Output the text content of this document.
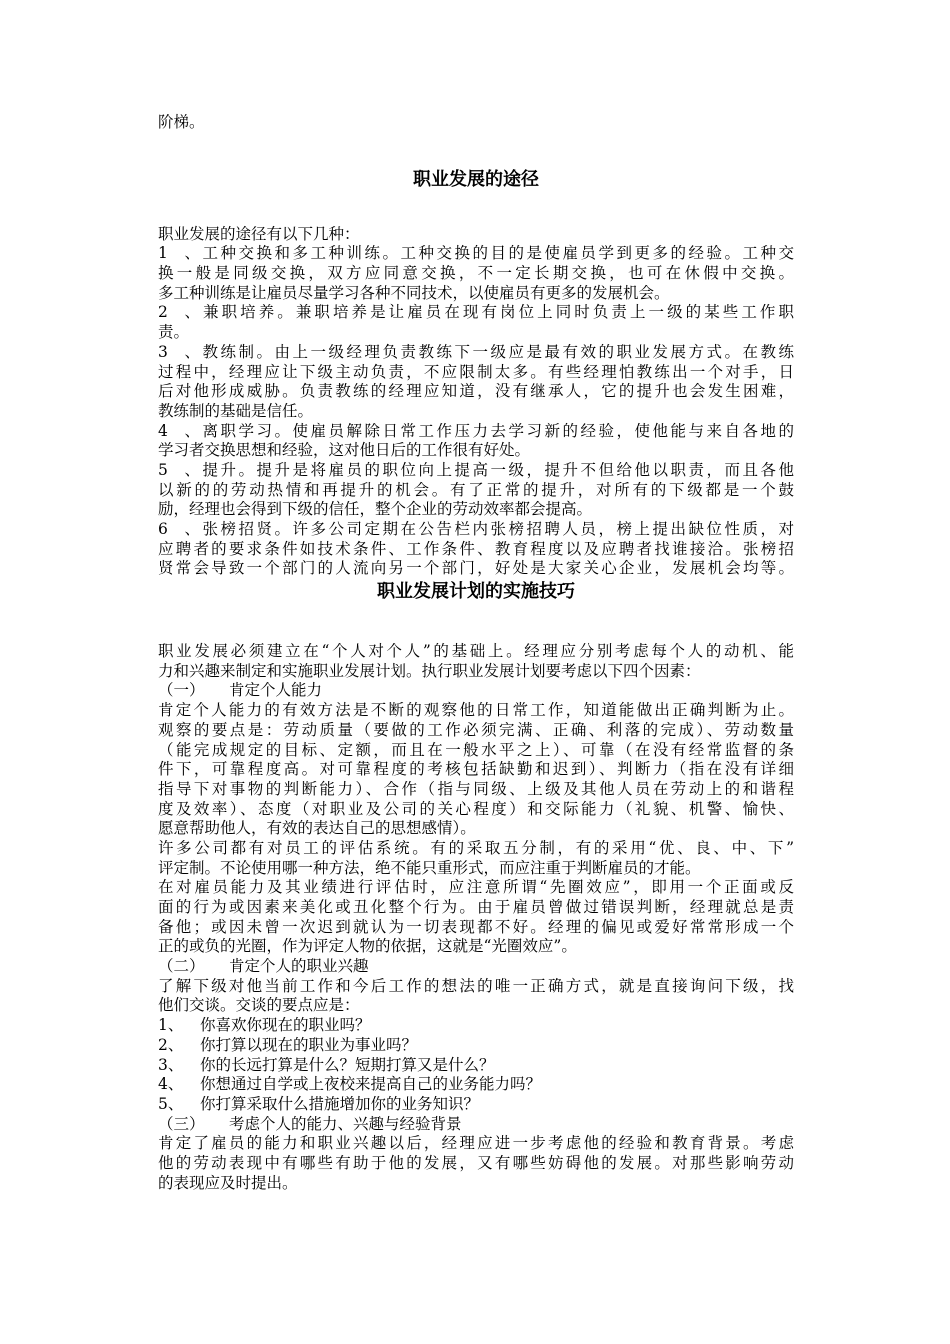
阶梯。
职业发展的途径
职业发展的途径有以下几种：
1、工种交换和多工种训练。工种交换的目的是使雇员学到更多的经验。工种交
换一般是同级交换，双方应同意交换，不一定长期交换，也可在休假中交换。
多工种训练是让雇员尽量学习各种不同技术，以使雇员有更多的发展机会。
2、兼职培养。兼职培养是让雇员在现有岗位上同时负责上一级的某些工作职
责。
3、教练制。由上一级经理负责教练下一级应是最有效的职业发展方式。在教练
过程中，经理应让下级主动负责，不应限制太多。有些经理怕教练出一个对手，日
后对他形成威胁。负责教练的经理应知道，没有继承人，它的提升也会发生困难，
教练制的基础是信任。
4、离职学习。使雇员解除日常工作压力去学习新的经验，使他能与来自各地的
学习者交换思想和经验，这对他日后的工作很有好处。
5、提升。提升是将雇员的职位向上提高一级，提升不但给他以职责，而且各他
以新的的劳动热情和再提升的机会。有了正常的提升，对所有的下级都是一个鼓
励，经理也会得到下级的信任，整个企业的劳动效率都会提高。
6、张榜招贤。许多公司定期在公告栏内张榜招聘人员，榜上提出缺位性质，对
应聘者的要求条件如技术条件、工作条件、教育程度以及应聘者找谁接洽。张榜招
贤常会导致一个部门的人流向另一个部门，好处是大家关心企业，发展机会均等。
职业发展计划的实施技巧
职业发展必须建立在“个人对个人”的基础上。经理应分别考虑每个人的动机、能
力和兴趣来制定和实施职业发展计划。执行职业发展计划要考虑以下四个因素：
（一） 肯定个人能力
肯定个人能力的有效方法是不断的观察他的日常工作，知道能做出正确判断为止。
观察的要点是：劳动质量（要做的工作必须完满、正确、利落的完成）、劳动数量
（能完成规定的目标、定额，而且在一般水平之上）、可靠（在没有经常监督的条
件下，可靠程度高。对可靠程度的考核包括缺勤和迟到）、判断力（指在没有详细
指导下对事物的判断能力）、合作（指与同级、上级及其他人员在劳动上的和谐程
度及效率）、态度（对职业及公司的关心程度）和交际能力（礼貌、机警、愉快、
愿意帮助他人，有效的表达自己的思想感情）。
许多公司都有对员工的评估系统。有的采取五分制，有的采用“优、良、中、下”
评定制。不论使用哪一种方法，绝不能只重形式，而应注重于判断雇员的才能。
在对雇员能力及其业绩进行评估时，应注意所谓“先圈效应”，即用一个正面或反
面的行为或因素来美化或丑化整个行为。由于雇员曾做过错误判断，经理就总是责
备他；或因未曾一次迟到就认为一切表现都不好。经理的偏见或爱好常常形成一个
正的或负的光圈，作为评定人物的依据，这就是“光圈效应”。
（二） 肯定个人的职业兴趣
了解下级对他当前工作和今后工作的想法的唯一正确方式，就是直接询问下级，找
他们交谈。交谈的要点应是：
1、 你喜欢你现在的职业吗？
2、 你打算以现在的职业为事业吗？
3、 你的长远打算是什么？短期打算又是什么？
4、 你想通过自学或上夜校来提高自己的业务能力吗？
5、 你打算采取什么措施增加你的业务知识？
（三） 考虑个人的能力、兴趣与经验背景
肯定了雇员的能力和职业兴趣以后，经理应进一步考虑他的经验和教育背景。考虑
他的劳动表现中有哪些有助于他的发展，又有哪些妨碍他的发展。对那些影响劳动
的表现应及时提出。
